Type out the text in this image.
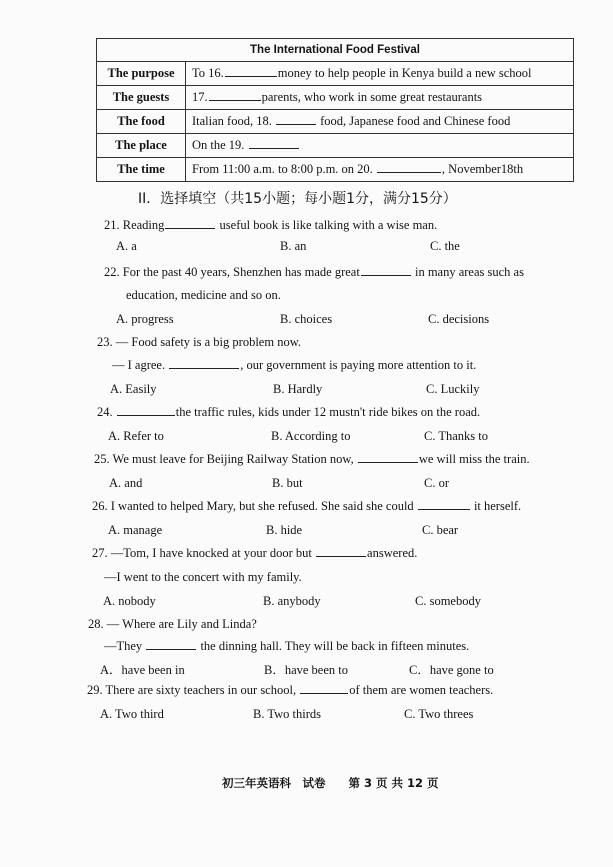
The International Food Festival	
The purpose	To 16. money to help people in Kenya build a new school
The guests	17. parents, who work in some great restaurants
The food	Italian food, 18. food, Japanese food and Chinese food
The place	On the 19.
The time	From 11:00 a.m. to 8:00 p.m. on 20. , November18th
II．选择填空（共15小题；每小题1分，满分15分）
21. Reading	useful book is like talking with a wise man.
A. a	B. an	C. the
22. For the past 40 years, Shenzhen has made great	in many areas such as
education, medicine and so on.
A. progress	B. choices	C. decisions
23. — Food safety is a big problem now.
— I agree.	, our government is paying more attention to it.
A. Easily	B. Hardly	C. Luckily
24.	the traffic rules, kids under 12 mustn't ride bikes on the road.
A. Refer to	B. According to	C. Thanks to
25. We must leave for Beijing Railway Station now,	we will miss the train.
A. and	B. but	C. or
26. I wanted to helped Mary, but she refused. She said she could	it herself.
A. manage	B. hide	C. bear
27. —Tom, I have knocked at your door but	answered.
—I went to the concert with my family.
A. nobody	B. anybody	C. somebody
28. — Where are Lily and Linda?
—They	the dinning hall. They will be back in fifteen minutes.
A．have been in	B．have been to	C．have gone to
29. There are sixty teachers in our school,	of them are women teachers.
A. Two third	B. Two thirds	C. Two threes
初三年英语科　试卷　　第 3 页 共 12 页
